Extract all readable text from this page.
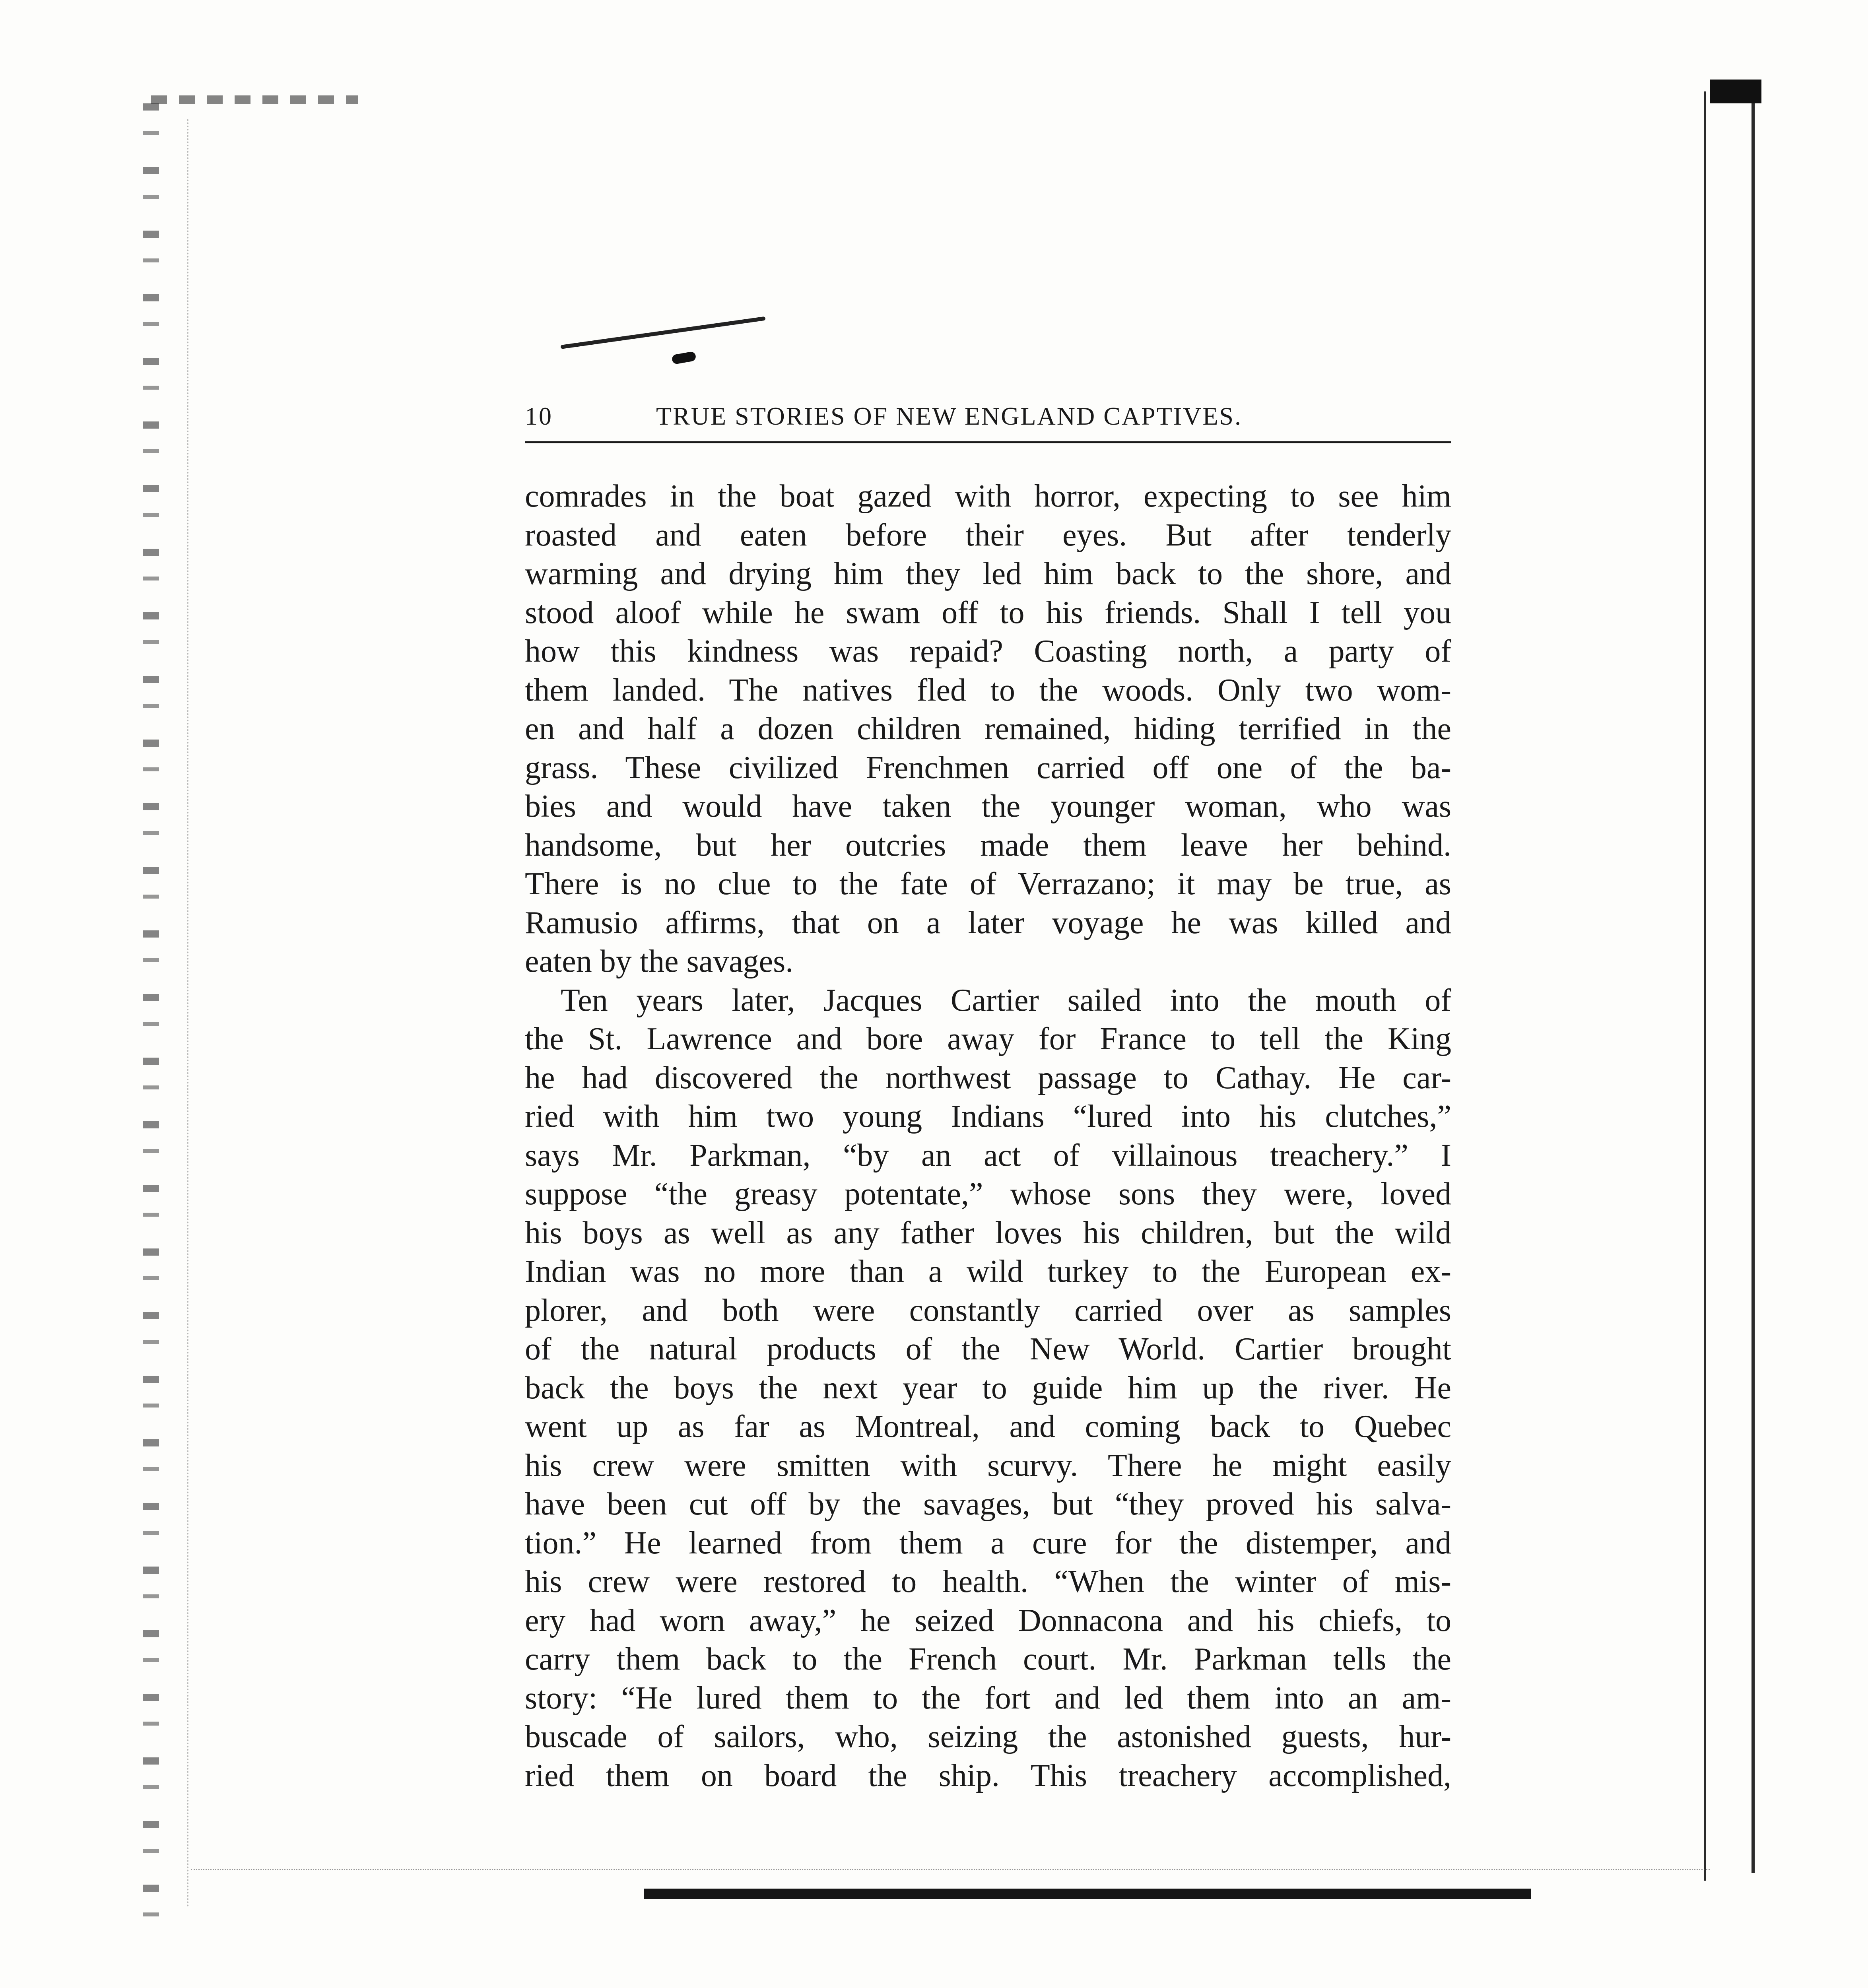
10	TRUE STORIES OF NEW ENGLAND CAPTIVES.

comrades in the boat gazed with horror, expecting to see him
roasted and eaten before their eyes. But after tenderly
warming and drying him they led him back to the shore, and
stood aloof while he swam off to his friends. Shall I tell you
how this kindness was repaid? Coasting north, a party of
them landed. The natives fled to the woods. Only two wom-
en and half a dozen children remained, hiding terrified in the
grass. These civilized Frenchmen carried off one of the ba-
bies and would have taken the younger woman, who was
handsome, but her outcries made them leave her behind.
There is no clue to the fate of Verrazano; it may be true, as
Ramusio affirms, that on a later voyage he was killed and
eaten by the savages.

Ten years later, Jacques Cartier sailed into the mouth of
the St. Lawrence and bore away for France to tell the King
he had discovered the northwest passage to Cathay. He car-
ried with him two young Indians “lured into his clutches,”
says Mr. Parkman, “by an act of villainous treachery.” I
suppose “the greasy potentate,” whose sons they were, loved
his boys as well as any father loves his children, but the wild
Indian was no more than a wild turkey to the European ex-
plorer, and both were constantly carried over as samples
of the natural products of the New World. Cartier brought
back the boys the next year to guide him up the river. He
went up as far as Montreal, and coming back to Quebec
his crew were smitten with scurvy. There he might easily
have been cut off by the savages, but “they proved his salva-
tion.” He learned from them a cure for the distemper, and
his crew were restored to health. “When the winter of mis-
ery had worn away,” he seized Donnacona and his chiefs, to
carry them back to the French court. Mr. Parkman tells the
story: “He lured them to the fort and led them into an am-
buscade of sailors, who, seizing the astonished guests, hur-
ried them on board the ship. This treachery accomplished,
